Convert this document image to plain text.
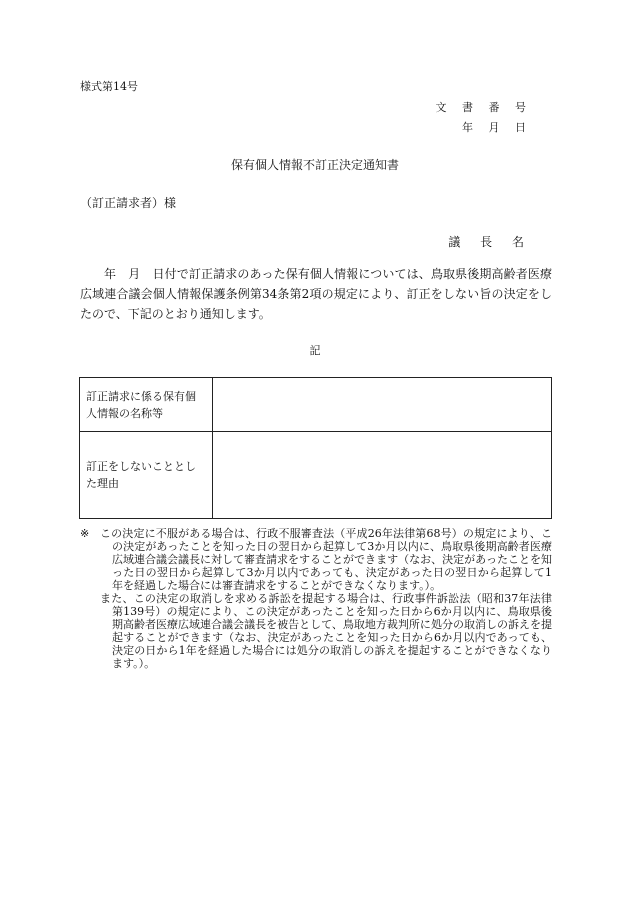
様式第14号
文 書 番 号
年 月 日
保有個人情報不訂正決定通知書
（訂正請求者）様
議 長 名
年　月　日付で訂正請求のあった保有個人情報については、鳥取県後期高齢者医療広域連合議会個人情報保護条例第34条第2項の規定により、訂正をしない旨の決定をしたので、下記のとおり通知します。
記
訂正請求に係る保有個人情報の名称等	
訂正をしないこととした理由	
※ この決定に不服がある場合は、行政不服審査法（平成26年法律第68号）の規定により、この決定があったことを知った日の翌日から起算して3か月以内に、鳥取県後期高齢者医療広域連合議会議長に対して審査請求をすることができます（なお、決定があったことを知った日の翌日から起算して3か月以内であっても、決定があった日の翌日から起算して1年を経過した場合には審査請求をすることができなくなります。）。

また、この決定の取消しを求める訴訟を提起する場合は、行政事件訴訟法（昭和37年法律第139号）の規定により、この決定があったことを知った日から6か月以内に、鳥取県後期高齢者医療広域連合議会議長を被告として、鳥取地方裁判所に処分の取消しの訴えを提起することができます（なお、決定があったことを知った日から6か月以内であっても、決定の日から1年を経過した場合には処分の取消しの訴えを提起することができなくなります。）。
